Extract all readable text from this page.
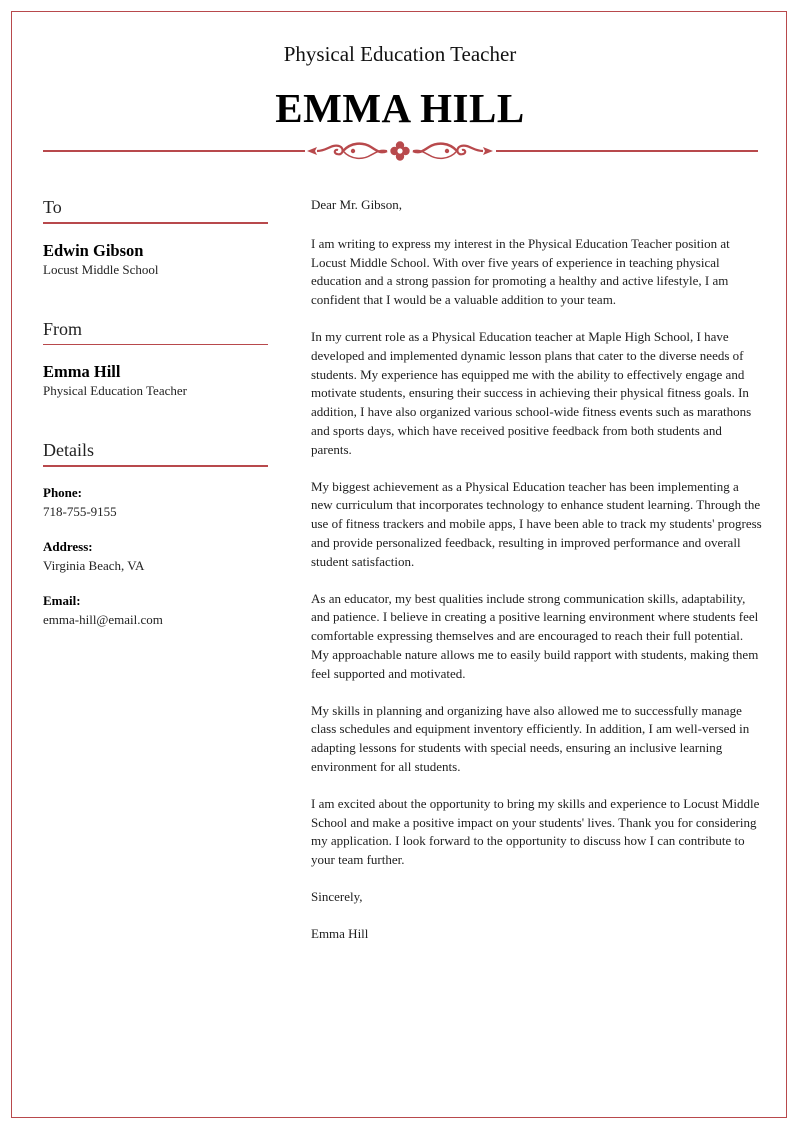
Physical Education Teacher
EMMA HILL
To
Edwin Gibson
Locust Middle School
From
Emma Hill
Physical Education Teacher
Details
Phone:
718-755-9155
Address:
Virginia Beach, VA
Email:
emma-hill@email.com

Dear Mr. Gibson,

I am writing to express my interest in the Physical Education Teacher position at Locust Middle School. With over five years of experience in teaching physical education and a strong passion for promoting a healthy and active lifestyle, I am confident that I would be a valuable addition to your team.

In my current role as a Physical Education teacher at Maple High School, I have developed and implemented dynamic lesson plans that cater to the diverse needs of students. My experience has equipped me with the ability to effectively engage and motivate students, ensuring their success in achieving their physical fitness goals. In addition, I have also organized various school-wide fitness events such as marathons and sports days, which have received positive feedback from both students and parents.

My biggest achievement as a Physical Education teacher has been implementing a new curriculum that incorporates technology to enhance student learning. Through the use of fitness trackers and mobile apps, I have been able to track my students' progress and provide personalized feedback, resulting in improved performance and overall student satisfaction.

As an educator, my best qualities include strong communication skills, adaptability, and patience. I believe in creating a positive learning environment where students feel comfortable expressing themselves and are encouraged to reach their full potential. My approachable nature allows me to easily build rapport with students, making them feel supported and motivated.

My skills in planning and organizing have also allowed me to successfully manage class schedules and equipment inventory efficiently. In addition, I am well-versed in adapting lessons for students with special needs, ensuring an inclusive learning environment for all students.

I am excited about the opportunity to bring my skills and experience to Locust Middle School and make a positive impact on your students' lives. Thank you for considering my application. I look forward to the opportunity to discuss how I can contribute to your team further.

Sincerely,

Emma Hill
